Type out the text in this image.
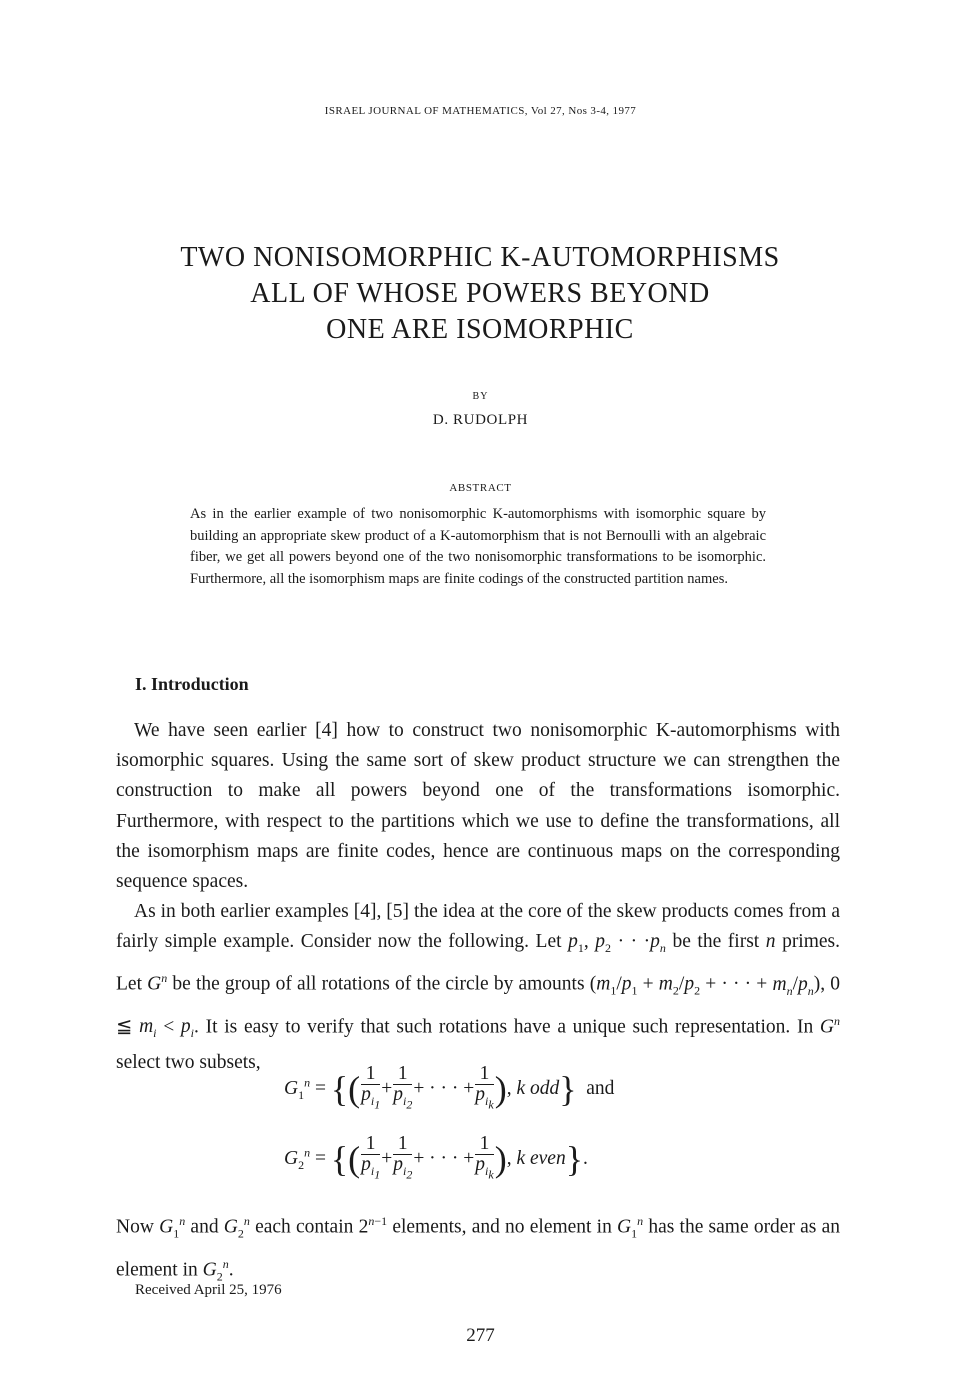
ISRAEL JOURNAL OF MATHEMATICS, Vol 27, Nos 3-4, 1977
TWO NONISOMORPHIC K-AUTOMORPHISMS
ALL OF WHOSE POWERS BEYOND
ONE ARE ISOMORPHIC
BY
D. RUDOLPH
ABSTRACT
As in the earlier example of two nonisomorphic K-automorphisms with isomorphic square by building an appropriate skew product of a K-automorphism that is not Bernoulli with an algebraic fiber, we get all powers beyond one of the two nonisomorphic transformations to be isomorphic. Furthermore, all the isomorphism maps are finite codings of the constructed partition names.
I. Introduction
We have seen earlier [4] how to construct two nonisomorphic K-automorphisms with isomorphic squares. Using the same sort of skew product structure we can strengthen the construction to make all powers beyond one of the transformations isomorphic. Furthermore, with respect to the partitions which we use to define the transformations, all the isomorphism maps are finite codes, hence are continuous maps on the corresponding sequence spaces.
As in both earlier examples [4], [5] the idea at the core of the skew products comes from a fairly simple example. Consider now the following. Let $p_1$, $p_2$ · · $\cdot p_n$ be the first n primes. Let $G^n$ be the group of all rotations of the circle by amounts ($m_1/p_1 + m_2/p_2$ + · · · + $m_n/p_n$), 0 ≦ $m_i < p_i$. It is easy to verify that such rotations have a unique such representation. In $G^n$ select two subsets,
$G_1^n$ = {( $\frac{1}{p_{i_1}} + \frac{1}{p_{i_2}}$ + · · · + $\frac{1}{p_{i_k}}$ ), k odd} and
$G_2^n$ = {( $\frac{1}{p_{i_1}} + \frac{1}{p_{i_2}}$ + · · · + $\frac{1}{p_{i_k}}$ ), k even}.
Now $G_1^n$ and $G_2^n$ each contain $2^{n-1}$ elements, and no element in $G_1^n$ has the same order as an element in $G_2^n$.
Received April 25, 1976
277
